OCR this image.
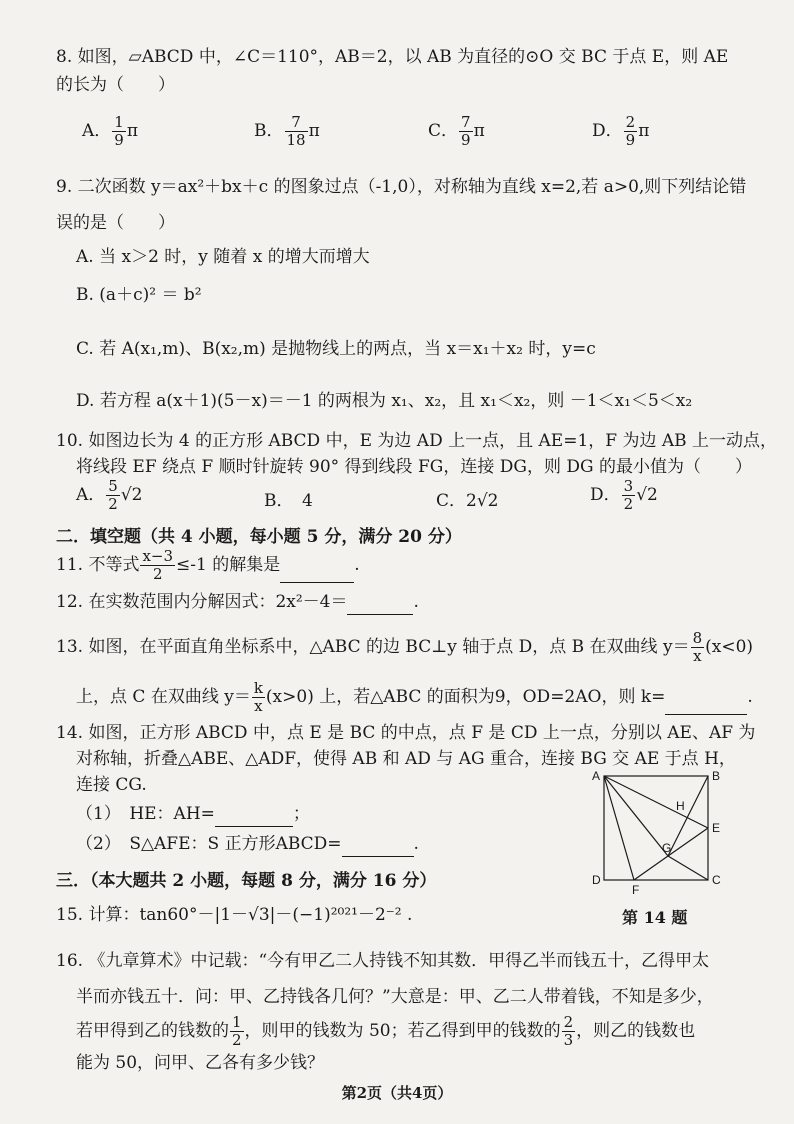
8. 如图，▱ABCD 中，∠C＝110°，AB＝2，以 AB 为直径的⊙O 交 BC 于点 E，则 AE
的长为（　　）
A． $\frac{1}{9}$ π	B． $\frac{7}{18}$ π	C． $\frac{7}{9}$ π	D． $\frac{2}{9}$ π
9. 二次函数 y＝ax²＋bx＋c 的图象过点（-1,0），对称轴为直线 x=2,若 a>0,则下列结论错
误的是（　　）
A. 当 x＞2 时，y 随着 x 的增大而增大
B. (a＋c)² ＝ b²
C. 若 A(x₁,m)、B(x₂,m) 是抛物线上的两点，当 x＝x₁＋x₂ 时，y=c
D. 若方程 a(x＋1)(5－x)＝－1 的两根为 x₁、x₂，且 x₁＜x₂，则 －1＜x₁＜5＜x₂
10. 如图边长为 4 的正方形 ABCD 中，E 为边 AD 上一点，且 AE=1，F 为边 AB 上一动点，
将线段 EF 绕点 F 顺时针旋转 90° 得到线段 FG，连接 DG，则 DG 的最小值为（　　）
A． $\frac{5}{2} √2$	B．　4	C．2√2	D． $\frac{3}{2} √2$
二．填空题（共 4 小题，每小题 5 分，满分 20 分）
11. 不等式 $\frac{x-3}{2} \le-1$ 的解集是	.
12. 在实数范围内分解因式：2x²－4＝	.
13. 如图，在平面直角坐标系中，△ABC 的边 BC⊥y 轴于点 D，点 B 在双曲线 $y= \frac{8}{x} (x<0)$
上，点 C 在双曲线 $y= \frac{k}{x} (x>0)$ 上，若△ABC 的面积为9，OD=2AO，则 k=	.
14. 如图，正方形 ABCD 中，点 E 是 BC 的中点，点 F 是 CD 上一点，分别以 AE、AF 为
对称轴，折叠△ABE、△ADF，使得 AB 和 AD 与 AG 重合，连接 BG 交 AE 于点 H，
连接 CG.
（1）　HE：AH=	；
（2）　S△AFE：S 正方形ABCD=	.
A	B
C
D
E
F
G
H
第 14 题
三．（本大题共 2 小题，每题 8 分，满分 16 分）
15. 计算：tan60°－|1－√3|－(−1)²⁰²¹－2⁻² .
16. 《九章算术》中记载：“今有甲乙二人持钱不知其数．甲得乙半而钱五十，乙得甲太
半而亦钱五十．问：甲、乙持钱各几何？”大意是：甲、乙二人带着钱，不知是多少，
若甲得到乙的钱数的 $\frac{1}{2}$ ，则甲的钱数为 50；若乙得到甲的钱数的 $\frac{2}{3}$ ，则乙的钱数也
能为 50，问甲、乙各有多少钱？
第2页（共4页）
